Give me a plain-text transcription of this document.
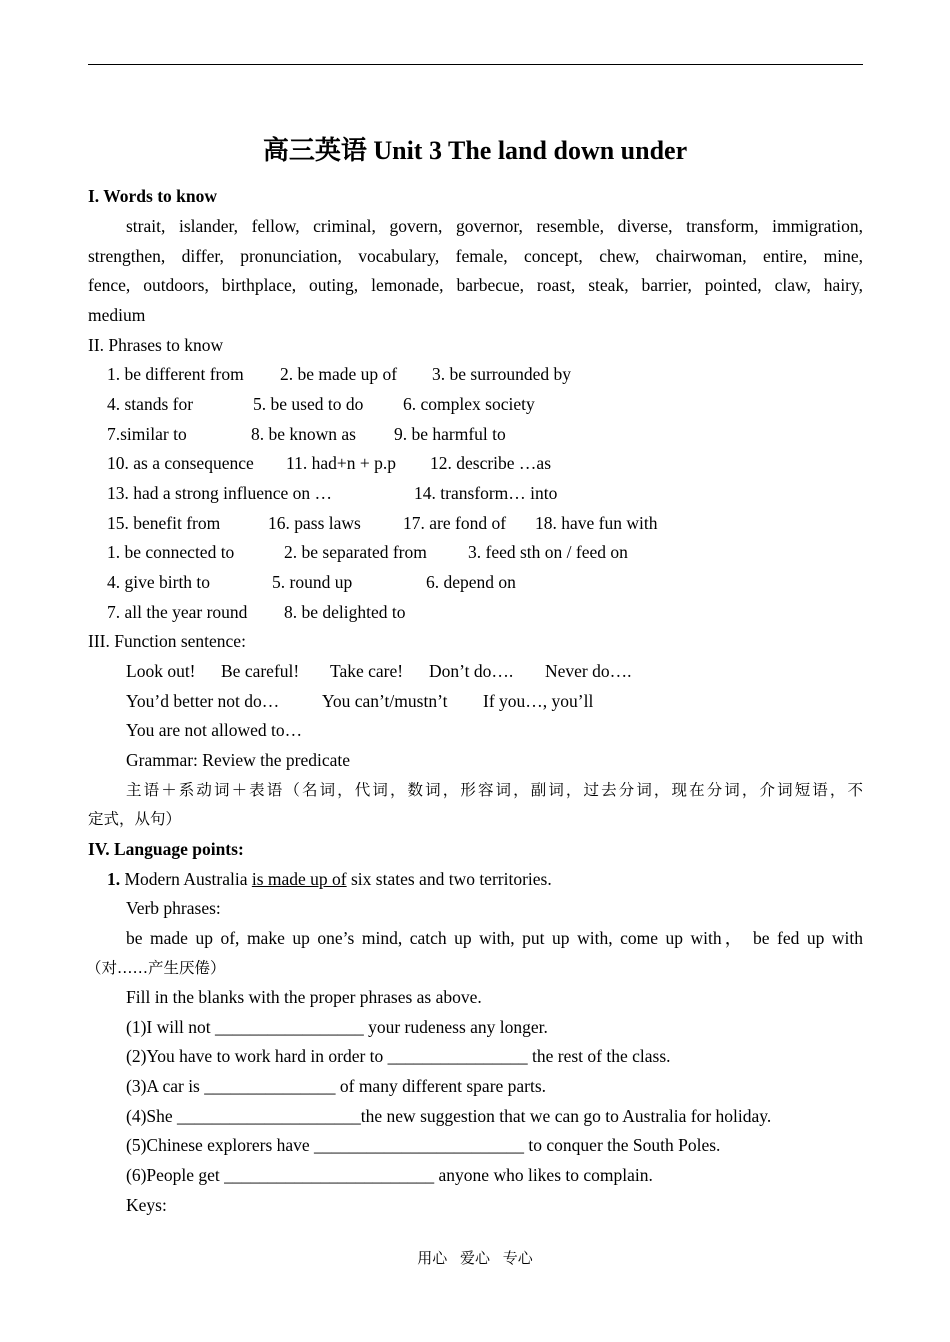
高三英语 Unit 3 The land down under
I. Words to know
strait, islander, fellow, criminal, govern, governor, resemble, diverse, transform, immigration,
strengthen, differ, pronunciation, vocabulary, female, concept, chew, chairwoman, entire, mine,
fence, outdoors, birthplace, outing, lemonade, barbecue, roast, steak, barrier, pointed, claw, hairy,
medium
II. Phrases to know
1. be different from 2. be made up of 3. be surrounded by
4. stands for	5. be used to do 6. complex society
7.similar to	8. be known as 9. be harmful to
10. as a consequence 11. had+n + p.p 12. describe …as
13. had a strong influence on …	14. transform… into
15. benefit from	16. pass laws 17. are fond of 18. have fun with
1. be connected to	2. be separated from 3. feed sth on / feed on
4. give birth to	5. round up	6. depend on
7. all the year round 8. be delighted to
III. Function sentence:
Look out! Be careful! Take care! Don’t do…. Never do….
You’d better not do… You can’t/mustn’t If you…, you’ll
You are not allowed to…
Grammar: Review the predicate
主语＋系动词＋表语（名词，代词，数词，形容词，副词，过去分词，现在分词，介词短语，不
定式，从句）
IV. Language points:
1. Modern Australia is made up of six states and two territories.
Verb phrases:
be made up of, make up one’s mind, catch up with, put up with, come up with， be fed up with
（对……产生厌倦）
Fill in the blanks with the proper phrases as above.
(1)I will not _________________ your rudeness any longer.
(2)You have to work hard in order to ________________ the rest of the class.
(3)A car is _______________ of many different spare parts.
(4)She _____________________the new suggestion that we can go to Australia for holiday.
(5)Chinese explorers have ________________________ to conquer the South Poles.
(6)People get ________________________ anyone who likes to complain.
Keys:
用心 爱心 专心
